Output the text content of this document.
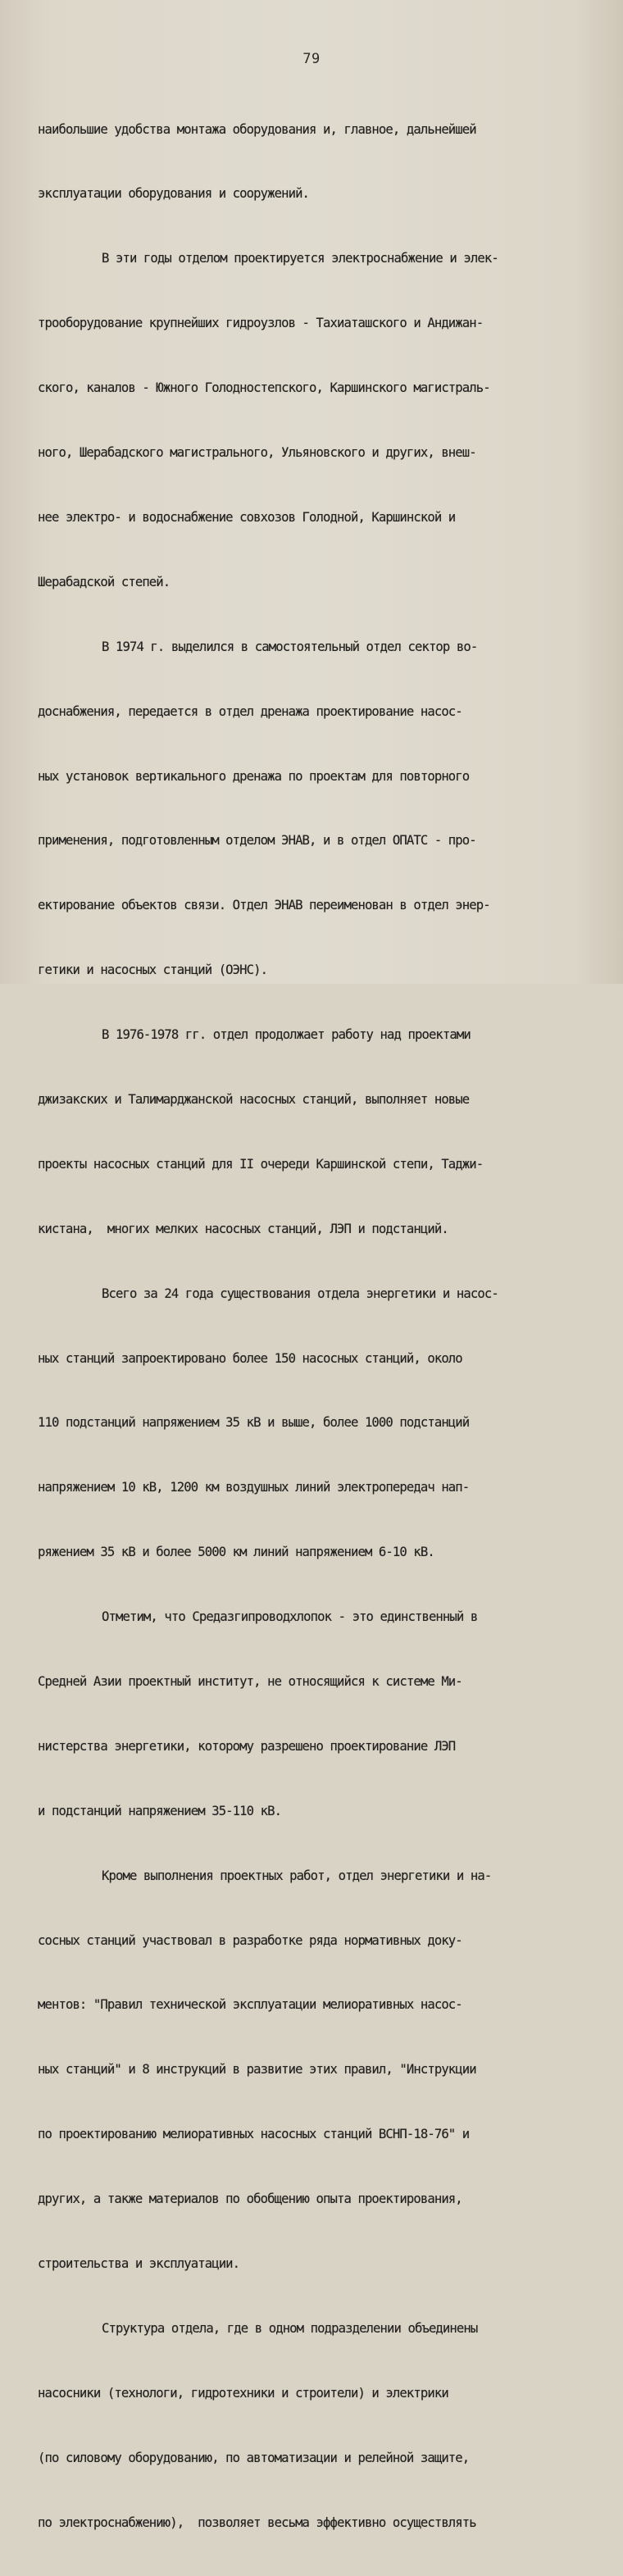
79

наибольшие удобства монтажа оборудования и, главное, дальнейшей

эксплуатации оборудования и сооружений.

В эти годы отделом проектируется электроснабжение и элек-

трооборудование крупнейших гидроузлов - Тахиаташского и Андижан-

ского, каналов - Южного Голодностепского, Каршинского магистраль-

ного, Шерабадского магистрального, Ульяновского и других, внеш-

нее электро- и водоснабжение совхозов Голодной, Каршинской и

Шерабадской степей.

В 1974 г. выделился в самостоятельный отдел сектор во-

доснабжения, передается в отдел дренажа проектирование насос-

ных установок вертикального дренажа по проектам для повторного

применения, подготовленным отделом ЭНАВ, и в отдел ОПАТС - про-

ектирование объектов связи. Отдел ЭНАВ переименован в отдел энер-

гетики и насосных станций (ОЭНС).

В 1976-1978 гг. отдел продолжает работу над проектами

джизакских и Талимарджанской насосных станций, выполняет новые

проекты насосных станций для II очереди Каршинской степи, Таджи-

кистана,  многих мелких насосных станций, ЛЭП и подстанций.

Всего за 24 года существования отдела энергетики и насос-

ных станций запроектировано более 150 насосных станций, около

110 подстанций напряжением 35 кВ и выше, более 1000 подстанций

напряжением 10 кВ, 1200 км воздушных линий электропередач нап-

ряжением 35 кВ и более 5000 км линий напряжением 6-10 кВ.

Отметим, что Средазгипроводхлопок - это единственный в

Средней Азии проектный институт, не относящийся к системе Ми-

нистерства энергетики, которому разрешено проектирование ЛЭП

и подстанций напряжением 35-110 кВ.

Кроме выполнения проектных работ, отдел энергетики и на-

сосных станций участвовал в разработке ряда нормативных доку-

ментов: "Правил технической эксплуатации мелиоративных насос-

ных станций" и 8 инструкций в развитие этих правил, "Инструкции

по проектированию мелиоративных насосных станций ВСНП-18-76" и

других, а также материалов по обобщению опыта проектирования,

строительства и эксплуатации.

Структура отдела, где в одном подразделении объединены

насосники (технологи, гидротехники и строители) и электрики

(по силовому оборудованию, по автоматизации и релейной защите,

по электроснабжению),  позволяет весьма эффективно осуществлять
